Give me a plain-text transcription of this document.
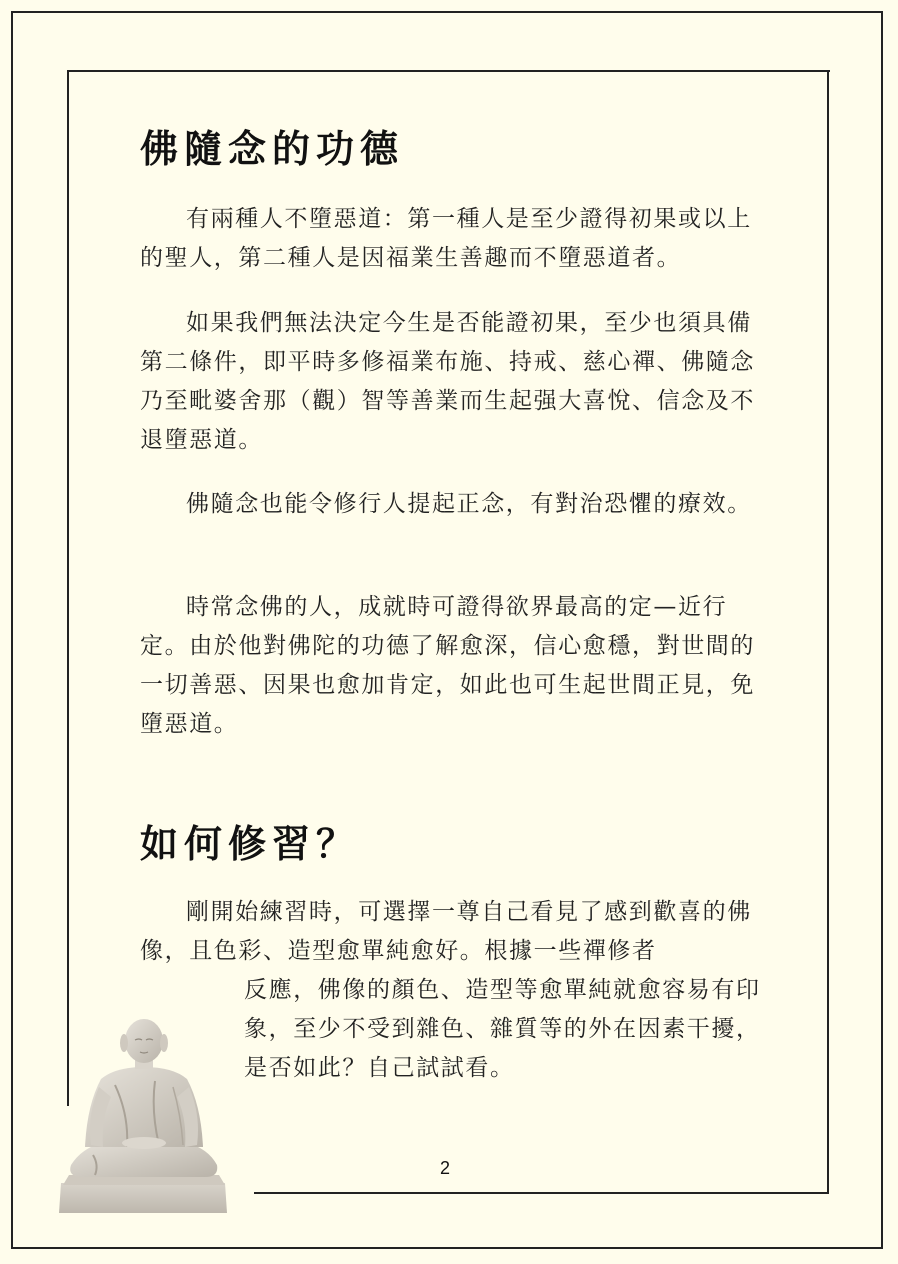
佛隨念的功德

有兩種人不墮惡道：第一種人是至少證得初果或以上的聖人，第二種人是因福業生善趣而不墮惡道者。

如果我們無法決定今生是否能證初果，至少也須具備第二條件，即平時多修福業布施、持戒、慈心禪、佛隨念乃至毗婆舍那（觀）智等善業而生起强大喜悅、信念及不退墮惡道。

佛隨念也能令修行人提起正念，有對治恐懼的療效。

時常念佛的人，成就時可證得欲界最高的定—近行定。由於他對佛陀的功德了解愈深，信心愈穩，對世間的一切善惡、因果也愈加肯定，如此也可生起世間正見，免墮惡道。

如何修習？

剛開始練習時，可選擇一尊自己看見了感到歡喜的佛像，且色彩、造型愈單純愈好。根據一些禪修者

反應，佛像的顏色、造型等愈單純就愈容易有印象，至少不受到雜色、雜質等的外在因素干擾，是否如此？自己試試看。

2
